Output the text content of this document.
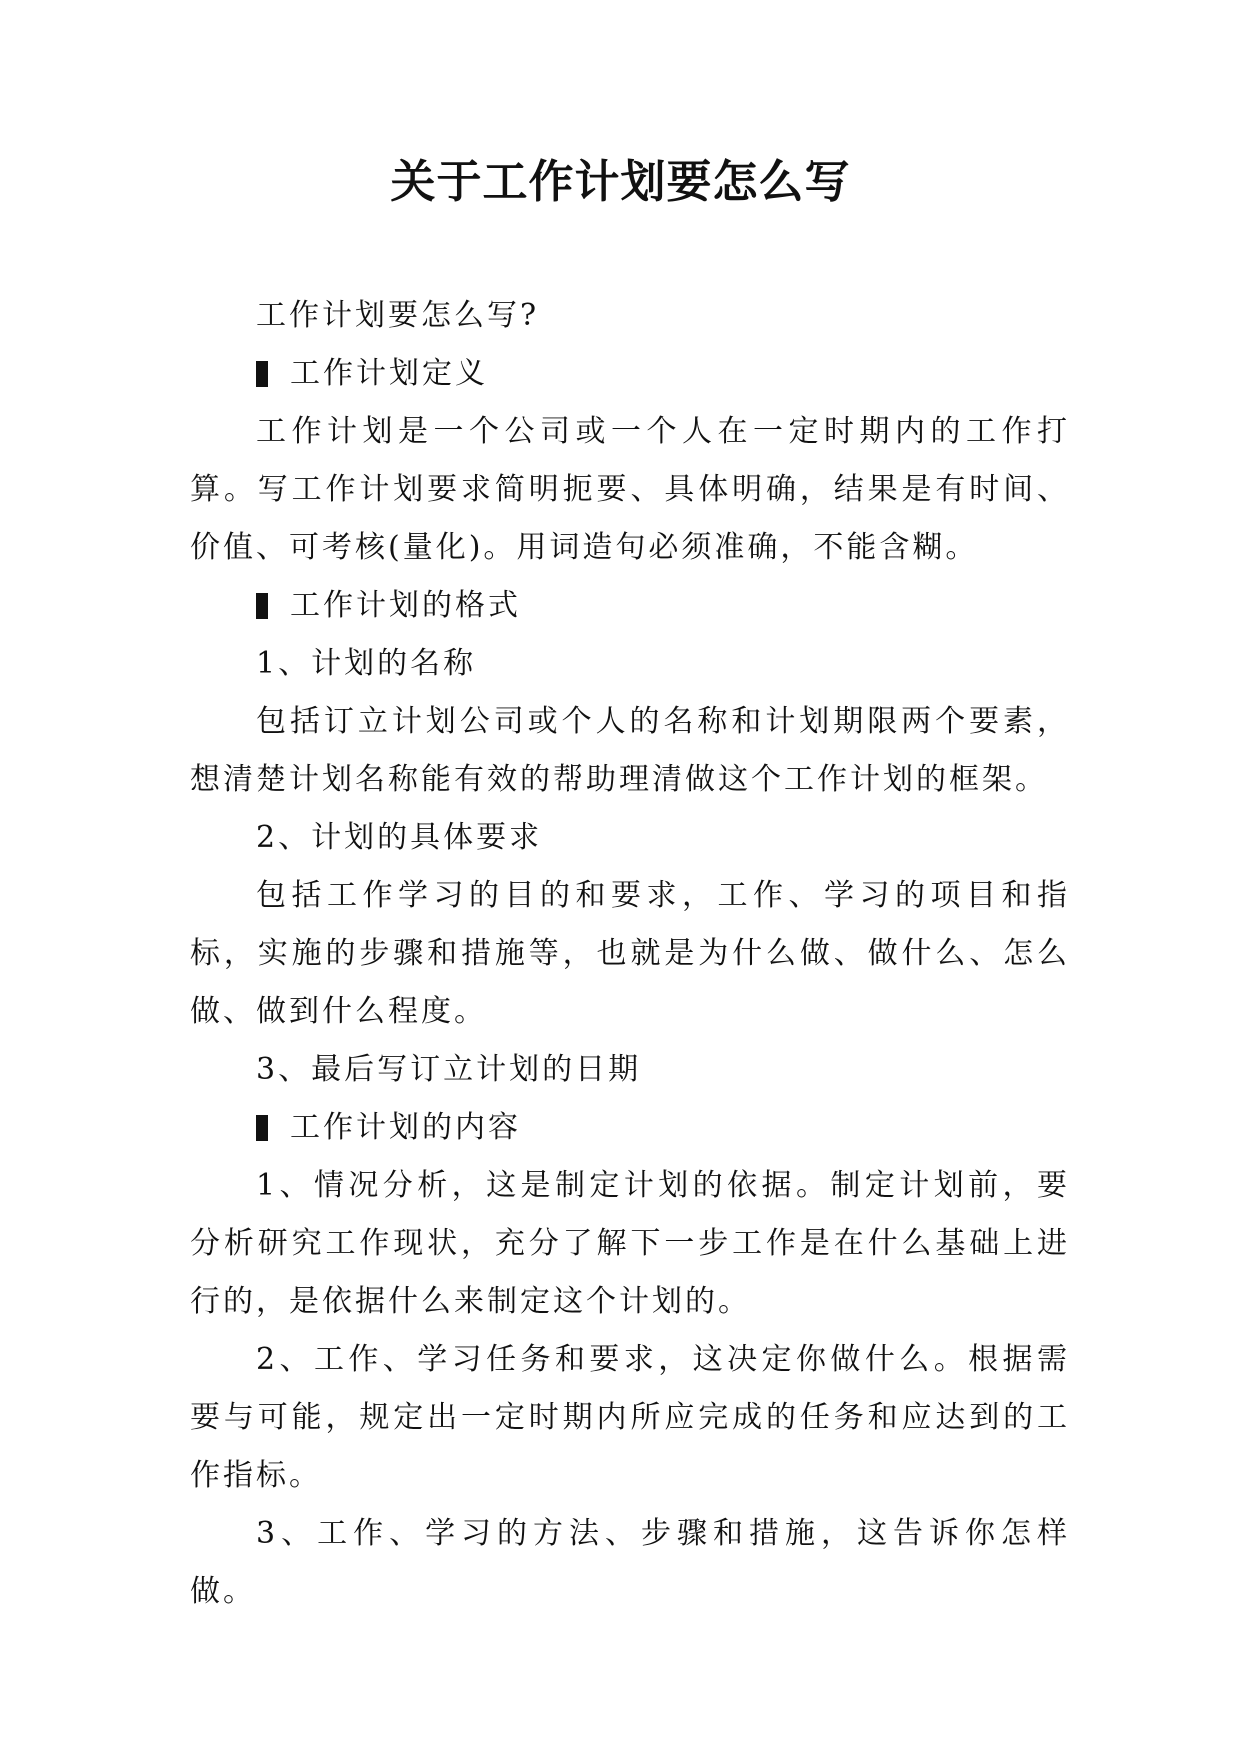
关于工作计划要怎么写

工作计划要怎么写?

工作计划定义

工作计划是一个公司或一个人在一定时期内的工作打算。写工作计划要求简明扼要、具体明确，结果是有时间、价值、可考核(量化)。用词造句必须准确，不能含糊。

工作计划的格式

1、计划的名称

包括订立计划公司或个人的名称和计划期限两个要素，想清楚计划名称能有效的帮助理清做这个工作计划的框架。

2、计划的具体要求

包括工作学习的目的和要求，工作、学习的项目和指标，实施的步骤和措施等，也就是为什么做、做什么、怎么做、做到什么程度。

3、最后写订立计划的日期

工作计划的内容

1、情况分析，这是制定计划的依据。制定计划前，要分析研究工作现状，充分了解下一步工作是在什么基础上进行的，是依据什么来制定这个计划的。

2、工作、学习任务和要求，这决定你做什么。根据需要与可能，规定出一定时期内所应完成的任务和应达到的工作指标。

3、工作、学习的方法、步骤和措施，这告诉你怎样做。
